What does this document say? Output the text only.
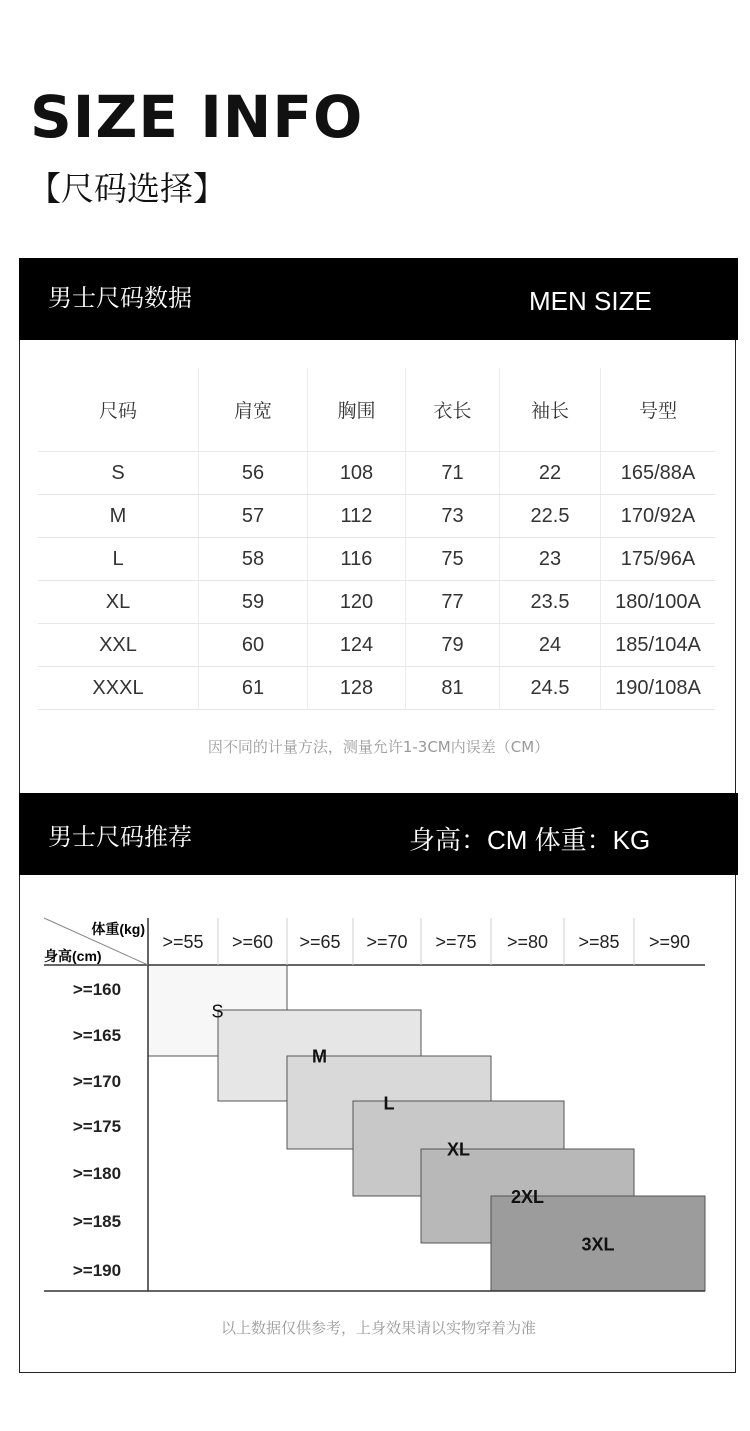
SIZE INFO
【尺码选择】
男士尺码数据	MEN SIZE
尺码	肩宽	胸围	衣长	袖长	号型
S	56	108	71	22	165/88A
M	57	112	73	22.5	170/92A
L	58	116	75	23	175/96A
XL	59	120	77	23.5	180/100A
XXL	60	124	79	24	185/104A
XXXL	61	128	81	24.5	190/108A
因不同的计量方法，测量允许1-3CM内误差（CM）
男士尺码推荐	身高：CM 体重：KG
体重(kg)
身高(cm)
>=55 >=60 >=65 >=70 >=75 >=80 >=85 >=90
>=160
>=165
>=170
>=175
>=180
>=185
>=190
S
M
L
XL
2XL
3XL
以上数据仅供参考，上身效果请以实物穿着为准
